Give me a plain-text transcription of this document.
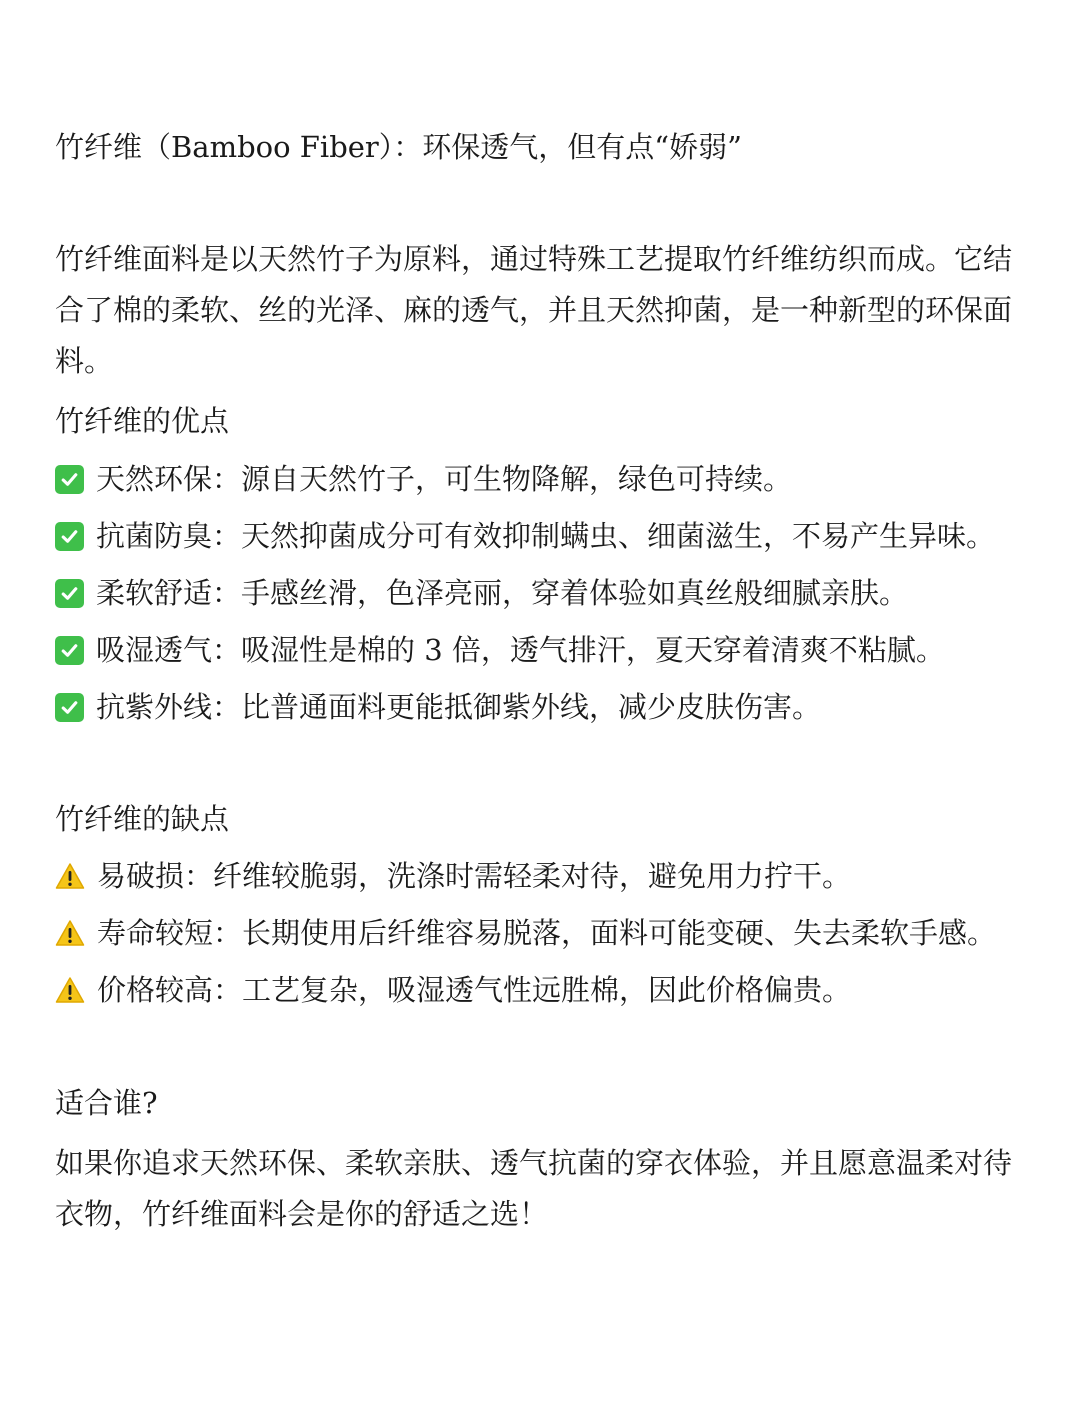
竹纤维（Bamboo Fiber）：环保透气，但有点“娇弱”

竹纤维面料是以天然竹子为原料，通过特殊工艺提取竹纤维纺织而成。它结合了棉的柔软、丝的光泽、麻的透气，并且天然抑菌，是一种新型的环保面料。

竹纤维的优点
天然环保： 源自天然竹子，可生物降解，绿色可持续。
抗菌防臭： 天然抑菌成分可有效抑制螨虫、细菌滋生，不易产生异味。
柔软舒适： 手感丝滑，色泽亮丽，穿着体验如真丝般细腻亲肤。
吸湿透气： 吸湿性是棉的 3 倍，透气排汗，夏天穿着清爽不粘腻。
抗紫外线： 比普通面料更能抵御紫外线，减少皮肤伤害。
竹纤维的缺点
易破损： 纤维较脆弱，洗涤时需轻柔对待，避免用力拧干。
寿命较短： 长期使用后纤维容易脱落，面料可能变硬、失去柔软手感。
价格较高： 工艺复杂，吸湿透气性远胜棉，因此价格偏贵。
适合谁?

如果你追求天然环保、柔软亲肤、透气抗菌的穿衣体验，并且愿意温柔对待衣物，竹纤维面料会是你的舒适之选！
